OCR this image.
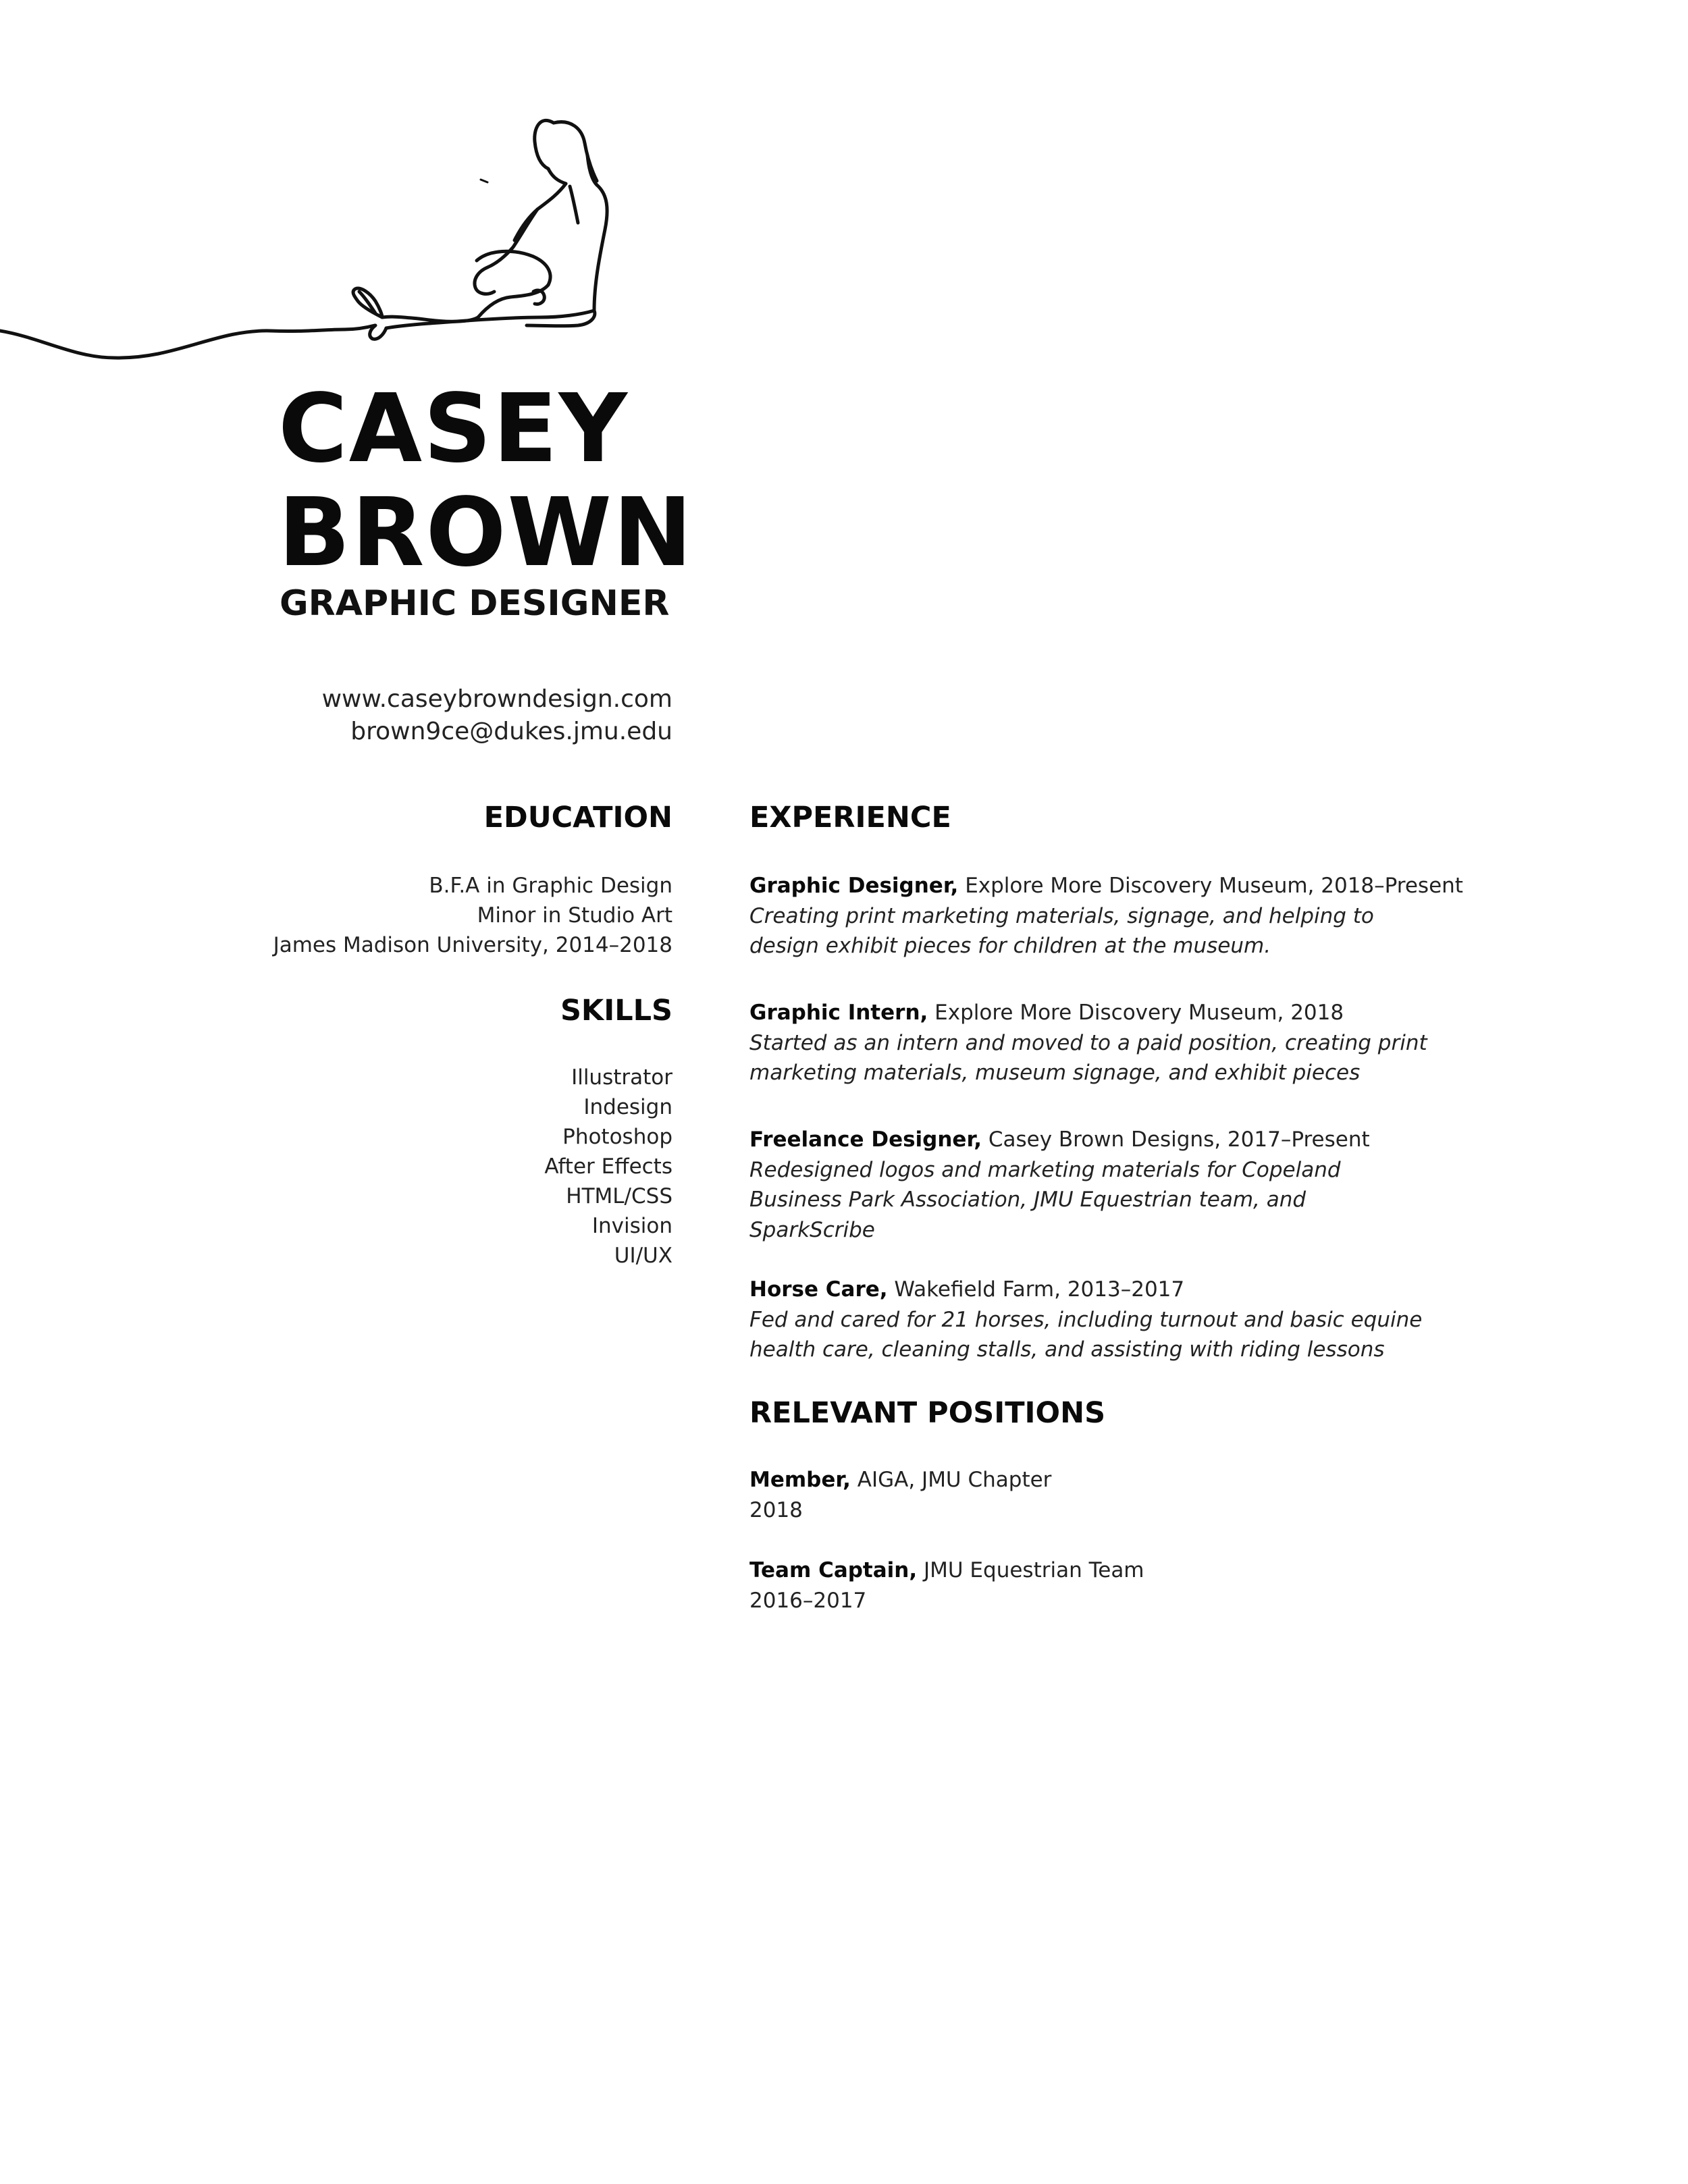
CASEY
BROWN
GRAPHIC DESIGNER
www.caseybrowndesign.com
brown9ce@dukes.jmu.edu
EDUCATION
B.F.A in Graphic Design
Minor in Studio Art
James Madison University, 2014–2018
SKILLS
Illustrator
Indesign
Photoshop
After Effects
HTML/CSS
Invision
UI/UX
EXPERIENCE
Graphic Designer, Explore More Discovery Museum, 2018–Present
Creating print marketing materials, signage, and helping to
design exhibit pieces for children at the museum.
Graphic Intern, Explore More Discovery Museum, 2018
Started as an intern and moved to a paid position, creating print
marketing materials, museum signage, and exhibit pieces
Freelance Designer, Casey Brown Designs, 2017–Present
Redesigned logos and marketing materials for Copeland
Business Park Association, JMU Equestrian team, and
SparkScribe
Horse Care, Wakefield Farm, 2013–2017
Fed and cared for 21 horses, including turnout and basic equine
health care, cleaning stalls, and assisting with riding lessons
RELEVANT POSITIONS
Member, AIGA, JMU Chapter
2018
Team Captain, JMU Equestrian Team
2016–2017
